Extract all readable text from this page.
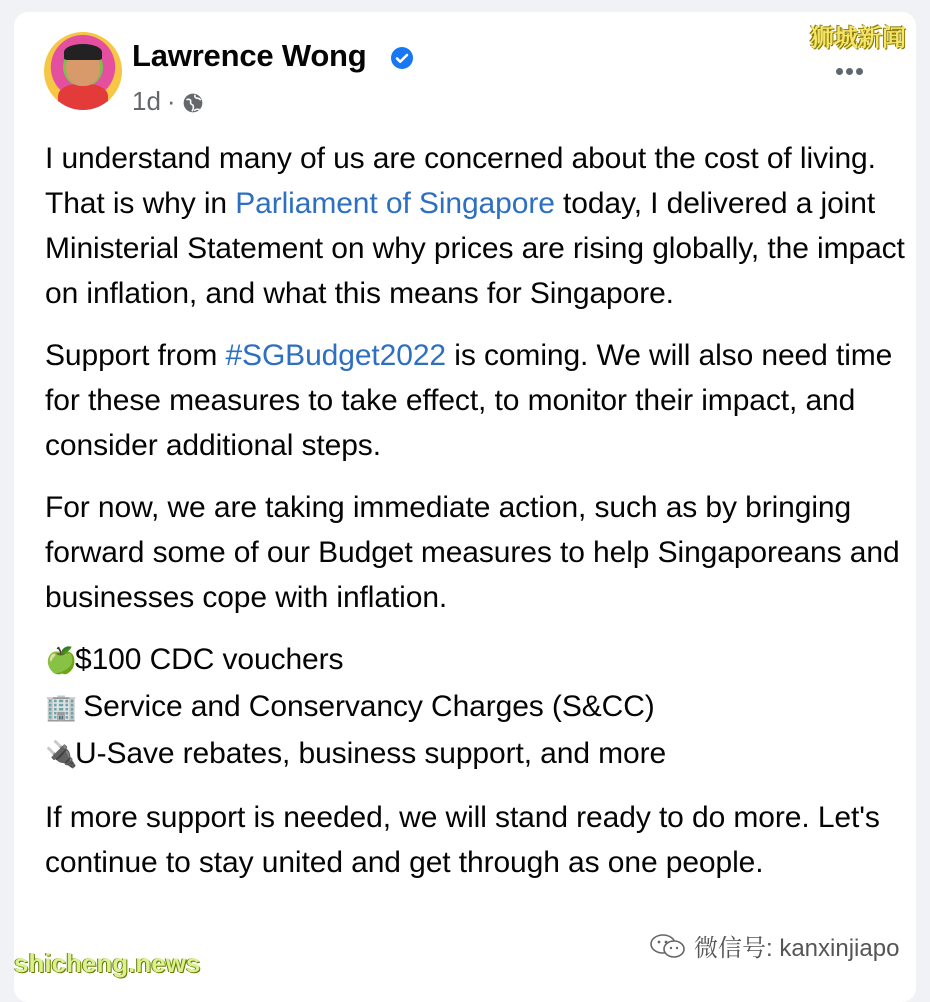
Lawrence Wong
1d ·

I understand many of us are concerned about the cost of living. That is why in Parliament of Singapore today, I delivered a joint Ministerial Statement on why prices are rising globally, the impact on inflation, and what this means for Singapore.

Support from #SGBudget2022 is coming. We will also need time for these measures to take effect, to monitor their impact, and consider additional steps.

For now, we are taking immediate action, such as by bringing forward some of our Budget measures to help Singaporeans and businesses cope with inflation.

🍏$100 CDC vouchers
🏢 Service and Conservancy Charges (S&CC)
🔌U-Save rebates, business support, and more

If more support is needed, we will stand ready to do more. Let's continue to stay united and get through as one people.

狮城新闻
shicheng.news	微信号: kanxinjiapo
